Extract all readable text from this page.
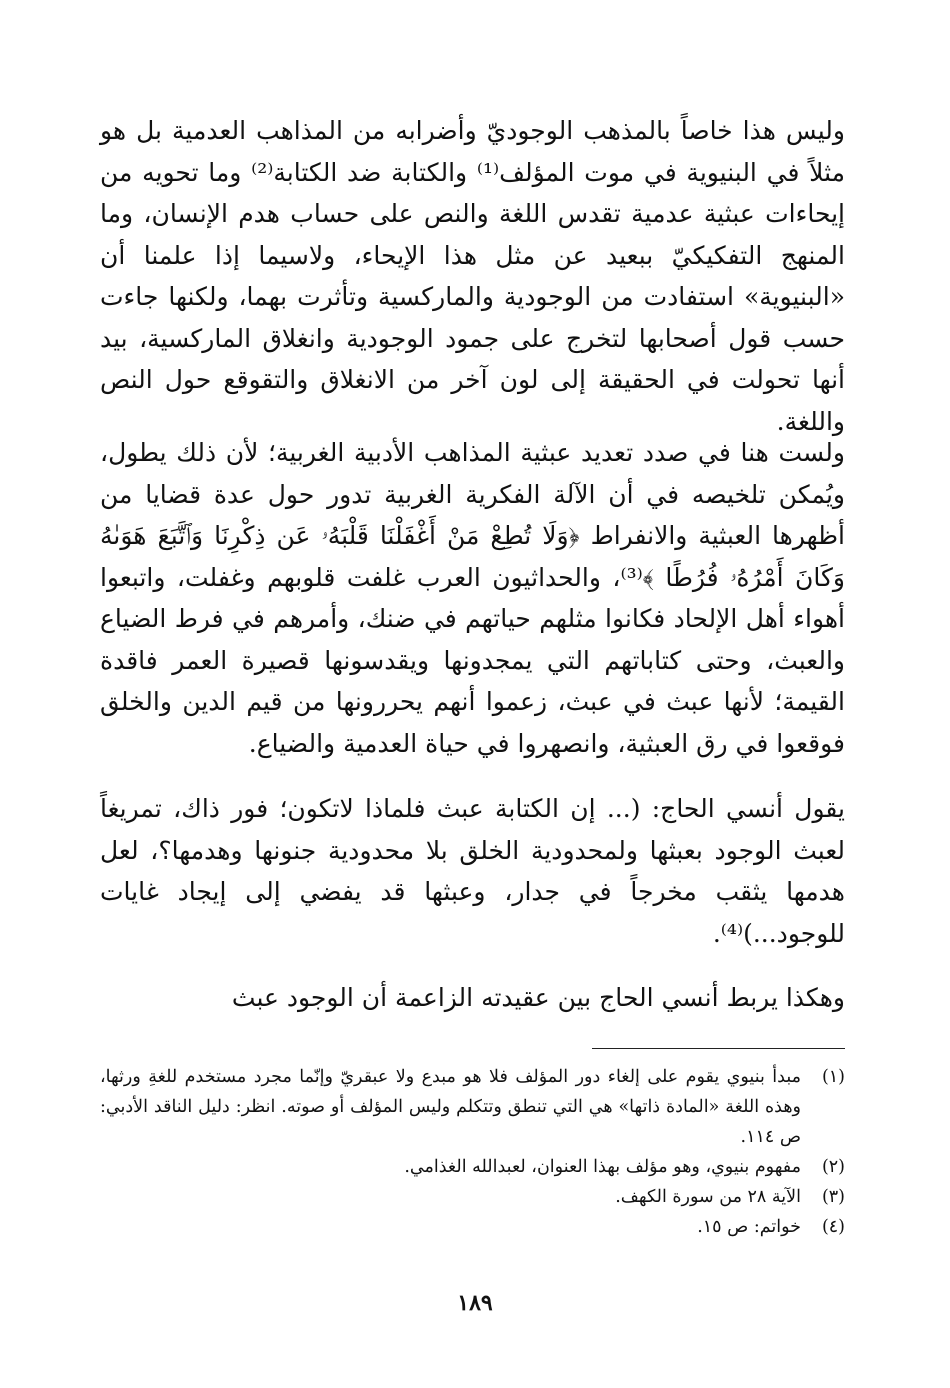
وليس هذا خاصاً بالمذهب الوجوديّ وأضرابه من المذاهب العدمية بل هو مثلاً في البنيوية في موت المؤلف⁽¹⁾ والكتابة ضد الكتابة⁽²⁾ وما تحويه من إيحاءات عبثية عدمية تقدس اللغة والنص على حساب هدم الإنسان، وما المنهج التفكيكيّ ببعيد عن مثل هذا الإيحاء، ولاسيما إذا علمنا أن «البنيوية» استفادت من الوجودية والماركسية وتأثرت بهما، ولكنها جاءت حسب قول أصحابها لتخرج على جمود الوجودية وانغلاق الماركسية، بيد أنها تحولت في الحقيقة إلى لون آخر من الانغلاق والتقوقع حول النص واللغة.

ولست هنا في صدد تعديد عبثية المذاهب الأدبية الغربية؛ لأن ذلك يطول، ويُمكن تلخيصه في أن الآلة الفكرية الغربية تدور حول عدة قضايا من أظهرها العبثية والانفراط ﴿وَلَا تُطِعْ مَنْ أَغْفَلْنَا قَلْبَهُۥ عَن ذِكْرِنَا وَٱتَّبَعَ هَوَىٰهُ وَكَانَ أَمْرُهُۥ فُرُطًا ﴾⁽³⁾، والحداثيون العرب غلفت قلوبهم وغفلت، واتبعوا أهواء أهل الإلحاد فكانوا مثلهم حياتهم في ضنك، وأمرهم في فرط الضياع والعبث، وحتى كتاباتهم التي يمجدونها ويقدسونها قصيرة العمر فاقدة القيمة؛ لأنها عبث في عبث، زعموا أنهم يحررونها من قيم الدين والخلق فوقعوا في رق العبثية، وانصهروا في حياة العدمية والضياع.

يقول أنسي الحاج: (... إن الكتابة عبث فلماذا لاتكون؛ فور ذاك، تمريغاً لعبث الوجود بعبثها ولمحدودية الخلق بلا محدودية جنونها وهدمها؟، لعل هدمها يثقب مخرجاً في جدار، وعبثها قد يفضي إلى إيجاد غايات للوجود...)⁽⁴⁾.

وهكذا يربط أنسي الحاج بين عقيدته الزاعمة أن الوجود عبث

(١)
مبدأ بنيوي يقوم على إلغاء دور المؤلف فلا هو مبدع ولا عبقريّ وإنّما مجرد مستخدم للغةِ ورثها، وهذه اللغة «المادة ذاتها» هي التي تنطق وتتكلم وليس المؤلف أو صوته. انظر: دليل الناقد الأدبي: ص ١١٤.
(٢)
مفهوم بنيوي، وهو مؤلف بهذا العنوان، لعبدالله الغذامي.
(٣)
الآية ٢٨ من سورة الكهف.
(٤)
خواتم: ص ١٥.
١٨٩
